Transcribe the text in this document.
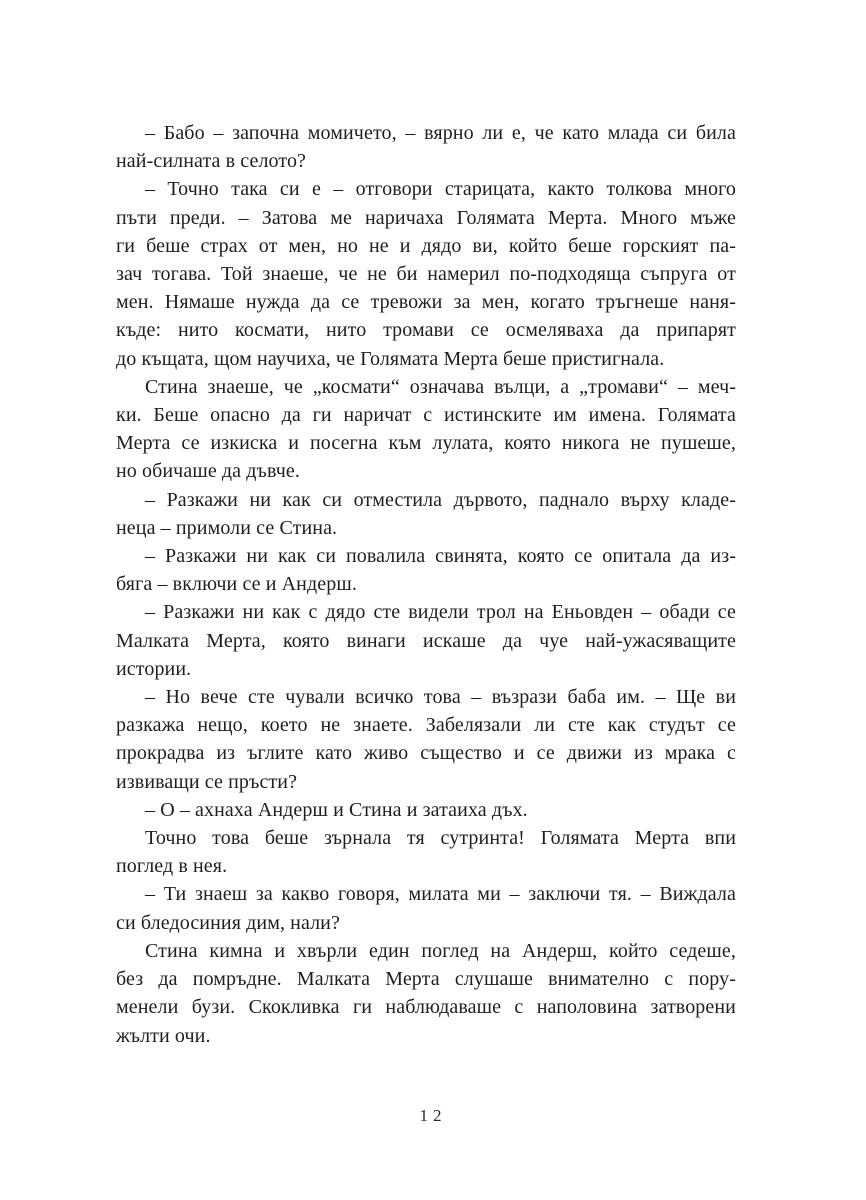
– Бабо – започна момичето, – вярно ли е, че като млада си била
най-силната в селото?
– Точно така си е – отговори старицата, както толкова много
пъти преди. – Затова ме наричаха Голямата Мерта. Много мъже
ги беше страх от мен, но не и дядо ви, който беше горският па-
зач тогава. Той знаеше, че не би намерил по-подходяща съпруга от
мен. Нямаше нужда да се тревожи за мен, когато тръгнеше наня-
къде: нито космати, нито тромави се осмеляваха да припарят
до къщата, щом научиха, че Голямата Мерта беше пристигнала.
Стина знаеше, че „космати“ означава вълци, а „тромави“ – меч-
ки. Беше опасно да ги наричат с истинските им имена. Голямата
Мерта се изкиска и посегна към лулата, която никога не пушеше,
но обичаше да дъвче.
– Разкажи ни как си отместила дървото, паднало върху кладе-
неца – примоли се Стина.
– Разкажи ни как си повалила свинята, която се опитала да из-
бяга – включи се и Андерш.
– Разкажи ни как с дядо сте видели трол на Еньовден – обади се
Малката Мерта, която винаги искаше да чуе най-ужасяващите
истории.
– Но вече сте чували всичко това – възрази баба им. – Ще ви
разкажа нещо, което не знаете. Забелязали ли сте как студът се
прокрадва из ъглите като живо същество и се движи из мрака с
извиващи се пръсти?
– О – ахнаха Андерш и Стина и затаиха дъх.
Точно това беше зърнала тя сутринта! Голямата Мерта впи
поглед в нея.
– Ти знаеш за какво говоря, милата ми – заключи тя. – Виждала
си бледосиния дим, нали?
Стина кимна и хвърли един поглед на Андерш, който седеше,
без да помръдне. Малката Мерта слушаше внимателно с пору-
менели бузи. Скокливка ги наблюдаваше с наполовина затворени
жълти очи.
12
